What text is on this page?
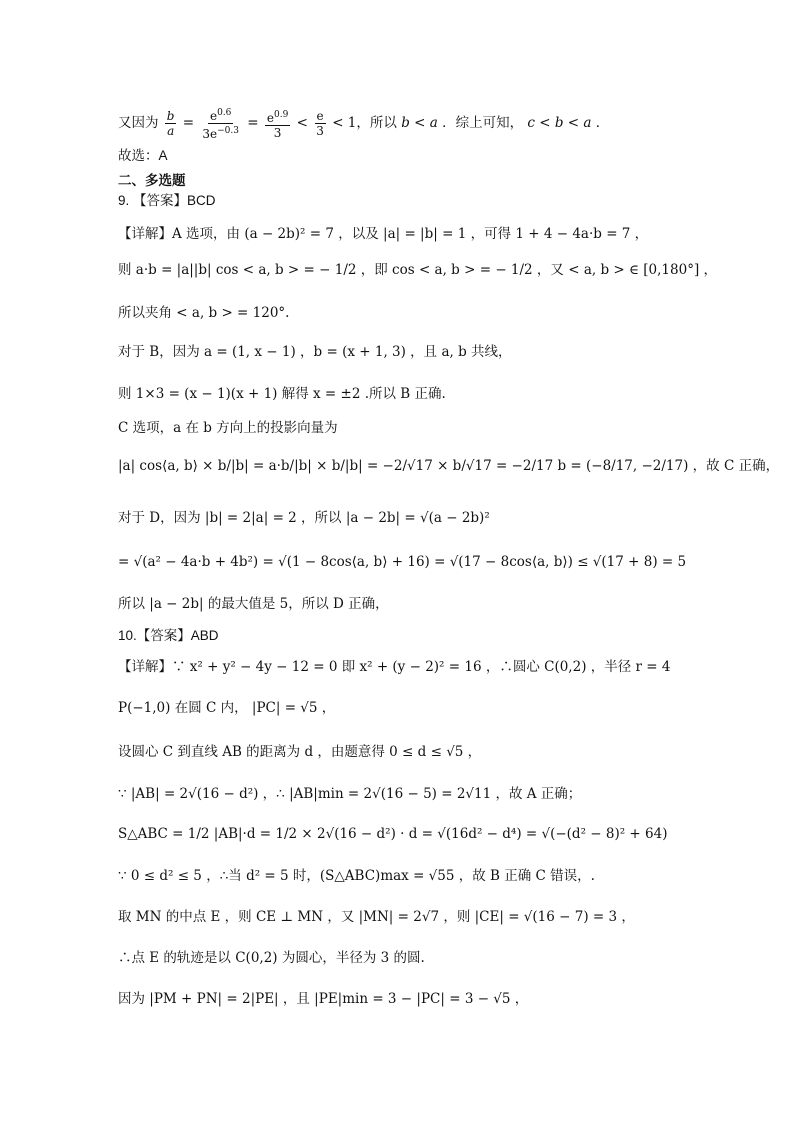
又因为 $\frac{b}{a} = \frac{e^{0.6}}{3e^{-0.3}} = \frac{e^{0.9}}{3} < \frac{e}{3} < 1$，所以 b < a ．综上可知， c < b < a ．
故选：A
二、多选题
9. 【答案】BCD
【详解】A 选项，由 (a − 2b)² = 7 ，以及 |a| = |b| = 1 ，可得 1 + 4 − 4a·b = 7 ，
则 a·b = |a||b| cos < a, b > = − 1/2 ，即 cos < a, b > = − 1/2 ，又 < a, b > ∈ [0,180°] ，
所以夹角 < a, b > = 120°.
对于 B，因为 a = (1, x − 1) ，b = (x + 1, 3) ，且 a, b 共线，
则 1×3 = (x − 1)(x + 1) 解得 x = ±2 .所以 B 正确.
C 选项，a 在 b 方向上的投影向量为
|a| cos⟨a, b⟩ × b/|b| = a·b/|b| × b/|b| = −2/√17 × b/√17 = −2/17 b = (−8/17, −2/17) ，故 C 正确，
对于 D，因为 |b| = 2|a| = 2 ，所以 |a − 2b| = √(a − 2b)²
= √(a² − 4a·b + 4b²) = √(1 − 8cos⟨a, b⟩ + 16) = √(17 − 8cos⟨a, b⟩) ≤ √(17 + 8) = 5
所以 |a − 2b| 的最大值是 5，所以 D 正确，
10.【答案】ABD
【详解】∵ x² + y² − 4y − 12 = 0 即 x² + (y − 2)² = 16 ，∴圆心 C(0,2) ，半径 r = 4
P(−1,0) 在圆 C 内， |PC| = √5 ，
设圆心 C 到直线 AB 的距离为 d ，由题意得 0 ≤ d ≤ √5 ，
∵ |AB| = 2√(16 − d²) ，∴ |AB|min = 2√(16 − 5) = 2√11 ，故 A 正确；
S△ABC = 1/2 |AB|·d = 1/2 × 2√(16 − d²) · d = √(16d² − d⁴) = √(−(d² − 8)² + 64)
∵ 0 ≤ d² ≤ 5 ，∴当 d² = 5 时，(S△ABC)max = √55 ，故 B 正确 C 错误，.
取 MN 的中点 E ，则 CE ⊥ MN ，又 |MN| = 2√7 ，则 |CE| = √(16 − 7) = 3 ，
∴点 E 的轨迹是以 C(0,2) 为圆心，半径为 3 的圆.
因为 |PM + PN| = 2|PE| ，且 |PE|min = 3 − |PC| = 3 − √5 ，
